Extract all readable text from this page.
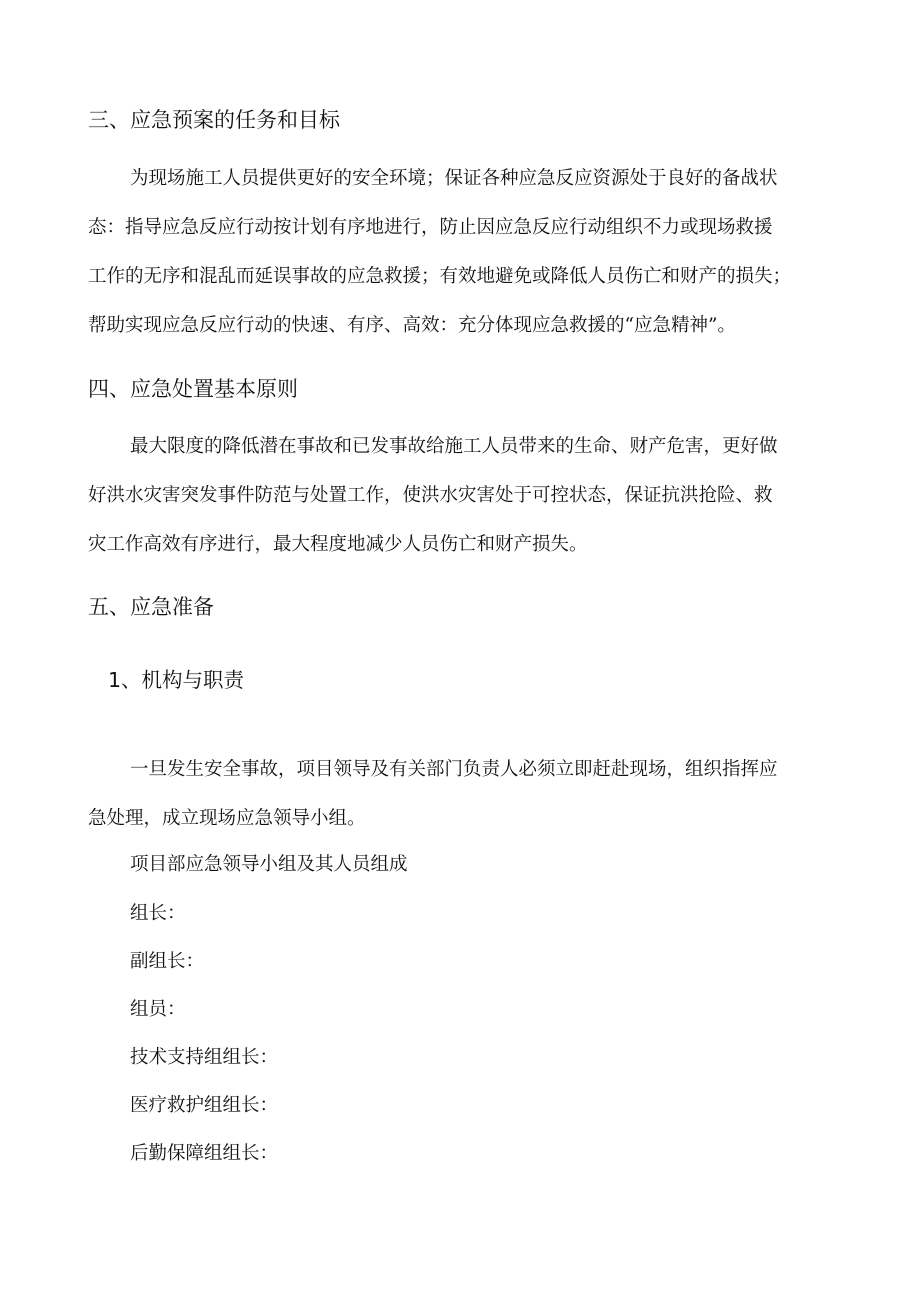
三、应急预案的任务和目标
为现场施工人员提供更好的安全环境；保证各种应急反应资源处于良好的备战状
态：指导应急反应行动按计划有序地进行，防止因应急反应行动组织不力或现场救援
工作的无序和混乱而延误事故的应急救援；有效地避免或降低人员伤亡和财产的损失；
帮助实现应急反应行动的快速、有序、高效：充分体现应急救援的“应急精神”。
四、应急处置基本原则
最大限度的降低潜在事故和已发事故给施工人员带来的生命、财产危害，更好做
好洪水灾害突发事件防范与处置工作，使洪水灾害处于可控状态，保证抗洪抢险、救
灾工作高效有序进行，最大程度地减少人员伤亡和财产损失。
五、应急准备
1、机构与职责
一旦发生安全事故，项目领导及有关部门负责人必须立即赶赴现场，组织指挥应
急处理，成立现场应急领导小组。
项目部应急领导小组及其人员组成
组长：
副组长：
组员：
技术支持组组长：
医疗救护组组长：
后勤保障组组长：
